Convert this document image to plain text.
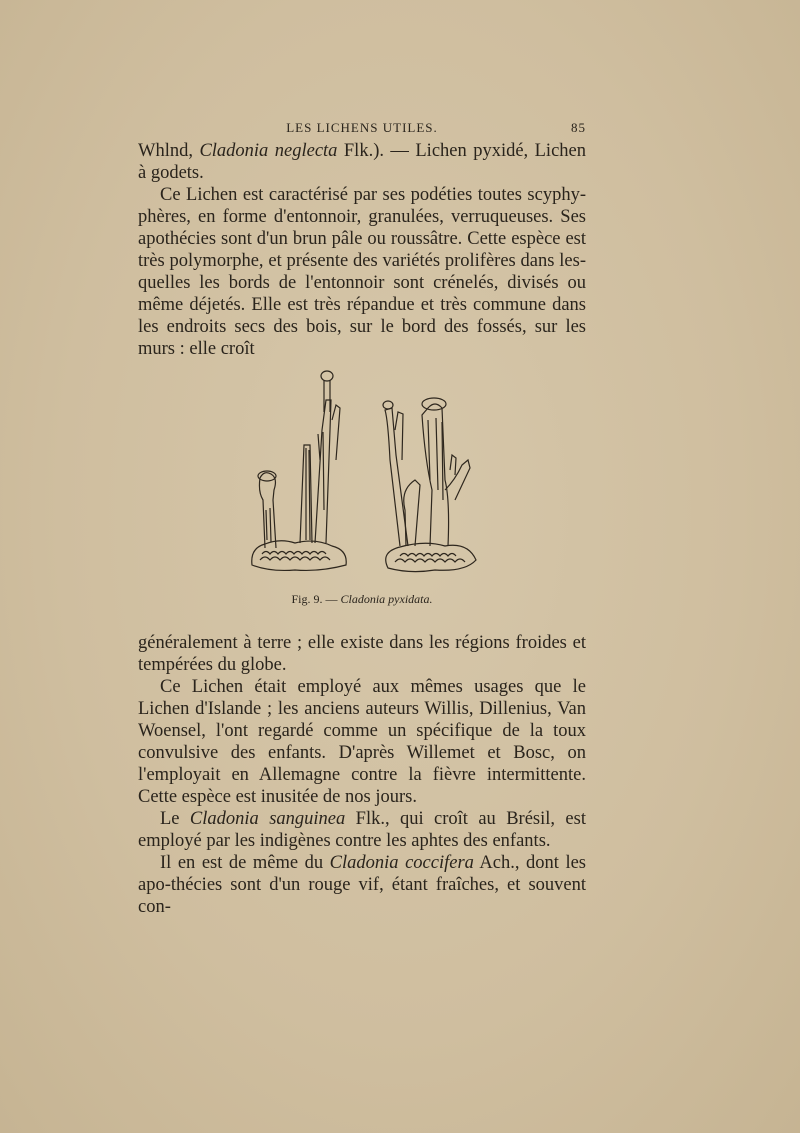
LES LICHENS UTILES.	85

Whlnd, Cladonia neglecta Flk.). — Lichen pyxidé, Lichen à godets.

Ce Lichen est caractérisé par ses podéties toutes scyphy-phères, en forme d'entonnoir, granulées, verruqueuses. Ses apothécies sont d'un brun pâle ou roussâtre. Cette espèce est très polymorphe, et présente des variétés prolifères dans les-quelles les bords de l'entonnoir sont crénelés, divisés ou même déjetés. Elle est très répandue et très commune dans les endroits secs des bois, sur le bord des fossés, sur les murs : elle croît

Fig. 9. — Cladonia pyxidata.

généralement à terre ; elle existe dans les régions froides et tempérées du globe.

Ce Lichen était employé aux mêmes usages que le Lichen d'Islande ; les anciens auteurs Willis, Dillenius, Van Woensel, l'ont regardé comme un spécifique de la toux convulsive des enfants. D'après Willemet et Bosc, on l'employait en Allemagne contre la fièvre intermittente. Cette espèce est inusitée de nos jours.

Le Cladonia sanguinea Flk., qui croît au Brésil, est employé par les indigènes contre les aphtes des enfants.

Il en est de même du Cladonia coccifera Ach., dont les apo-thécies sont d'un rouge vif, étant fraîches, et souvent con-
